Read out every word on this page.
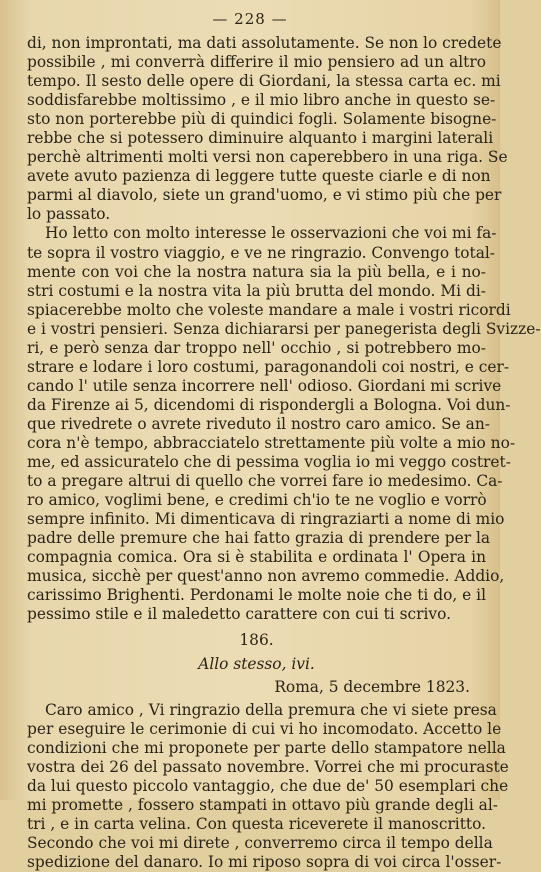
— 228 —
di, non improntati, ma dati assolutamente. Se non lo credete
possibile , mi converrà differire il mio pensiero ad un altro
tempo. Il sesto delle opere di Giordani, la stessa carta ec. mi
soddisfarebbe moltissimo , e il mio libro anche in questo se-
sto non porterebbe più di quindici fogli. Solamente bisogne-
rebbe che si potessero diminuire alquanto i margini laterali
perchè altrimenti molti versi non caperebbero in una riga. Se
avete avuto pazienza di leggere tutte queste ciarle e di non
parmi al diavolo, siete un grand'uomo, e vi stimo più che per
lo passato.
Ho letto con molto interesse le osservazioni che voi mi fa-
te sopra il vostro viaggio, e ve ne ringrazio. Convengo total-
mente con voi che la nostra natura sia la più bella, e i no-
stri costumi e la nostra vita la più brutta del mondo. Mi di-
spiacerebbe molto che voleste mandare a male i vostri ricordi
e i vostri pensieri. Senza dichiararsi per panegerista degli Svizze-
ri, e però senza dar troppo nell' occhio , si potrebbero mo-
strare e lodare i loro costumi, paragonandoli coi nostri, e cer-
cando l' utile senza incorrere nell' odioso. Giordani mi scrive
da Firenze ai 5, dicendomi di rispondergli a Bologna. Voi dun-
que rivedrete o avrete riveduto il nostro caro amico. Se an-
cora n'è tempo, abbracciatelo strettamente più volte a mio no-
me, ed assicuratelo che di pessima voglia io mi veggo costret-
to a pregare altrui di quello che vorrei fare io medesimo. Ca-
ro amico, voglimi bene, e credimi ch'io te ne voglio e vorrò
sempre infinito. Mi dimenticava di ringraziarti a nome di mio
padre delle premure che hai fatto grazia di prendere per la
compagnia comica. Ora si è stabilita e ordinata l' Opera in
musica, sicchè per quest'anno non avremo commedie. Addio,
carissimo Brighenti. Perdonami le molte noie che ti do, e il
pessimo stile e il maledetto carattere con cui ti scrivo.
186.
Allo stesso, ivi.
Roma, 5 decembre 1823.
Caro amico , Vi ringrazio della premura che vi siete presa
per eseguire le cerimonie di cui vi ho incomodato. Accetto le
condizioni che mi proponete per parte dello stampatore nella
vostra dei 26 del passato novembre. Vorrei che mi procuraste
da lui questo piccolo vantaggio, che due de' 50 esemplari che
mi promette , fossero stampati in ottavo più grande degli al-
tri , e in carta velina. Con questa riceverete il manoscritto.
Secondo che voi mi direte , converremo circa il tempo della
spedizione del danaro. Io mi riposo sopra di voi circa l'osser-
